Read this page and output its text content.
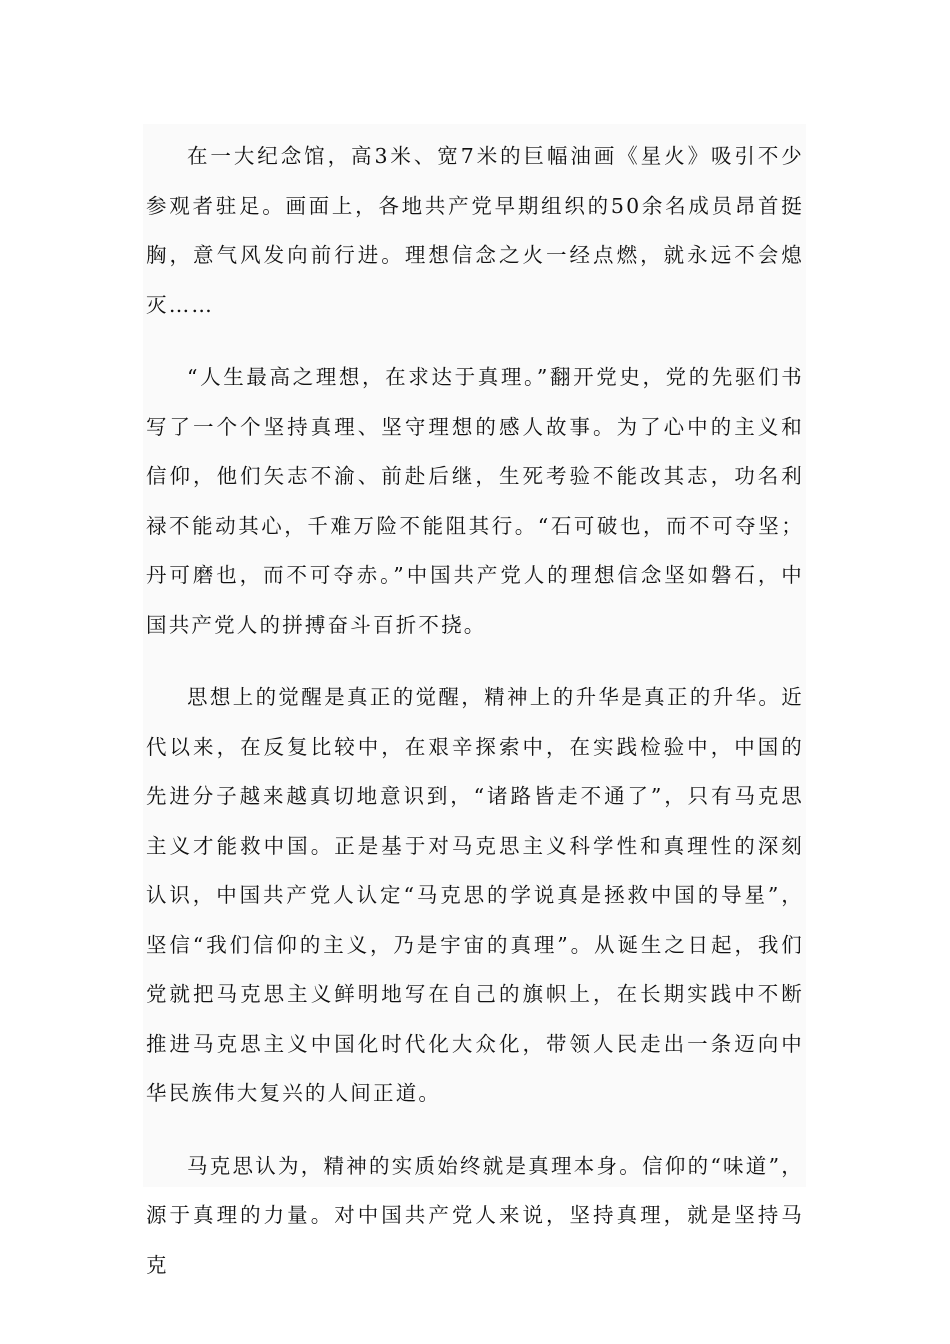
在一大纪念馆，高3米、宽7米的巨幅油画《星火》吸引不少参观者驻足。画面上，各地共产党早期组织的50余名成员昂首挺胸，意气风发向前行进。理想信念之火一经点燃，就永远不会熄灭……

“人生最高之理想，在求达于真理。”翻开党史，党的先驱们书写了一个个坚持真理、坚守理想的感人故事。为了心中的主义和信仰，他们矢志不渝、前赴后继，生死考验不能改其志，功名利禄不能动其心，千难万险不能阻其行。“石可破也，而不可夺坚；丹可磨也，而不可夺赤。”中国共产党人的理想信念坚如磐石，中国共产党人的拼搏奋斗百折不挠。

思想上的觉醒是真正的觉醒，精神上的升华是真正的升华。近代以来，在反复比较中，在艰辛探索中，在实践检验中，中国的先进分子越来越真切地意识到，“诸路皆走不通了”，只有马克思主义才能救中国。正是基于对马克思主义科学性和真理性的深刻认识，中国共产党人认定“马克思的学说真是拯救中国的导星”，坚信“我们信仰的主义，乃是宇宙的真理”。从诞生之日起，我们党就把马克思主义鲜明地写在自己的旗帜上，在长期实践中不断推进马克思主义中国化时代化大众化，带领人民走出一条迈向中华民族伟大复兴的人间正道。

马克思认为，精神的实质始终就是真理本身。信仰的“味道”，源于真理的力量。对中国共产党人来说，坚持真理，就是坚持马克
